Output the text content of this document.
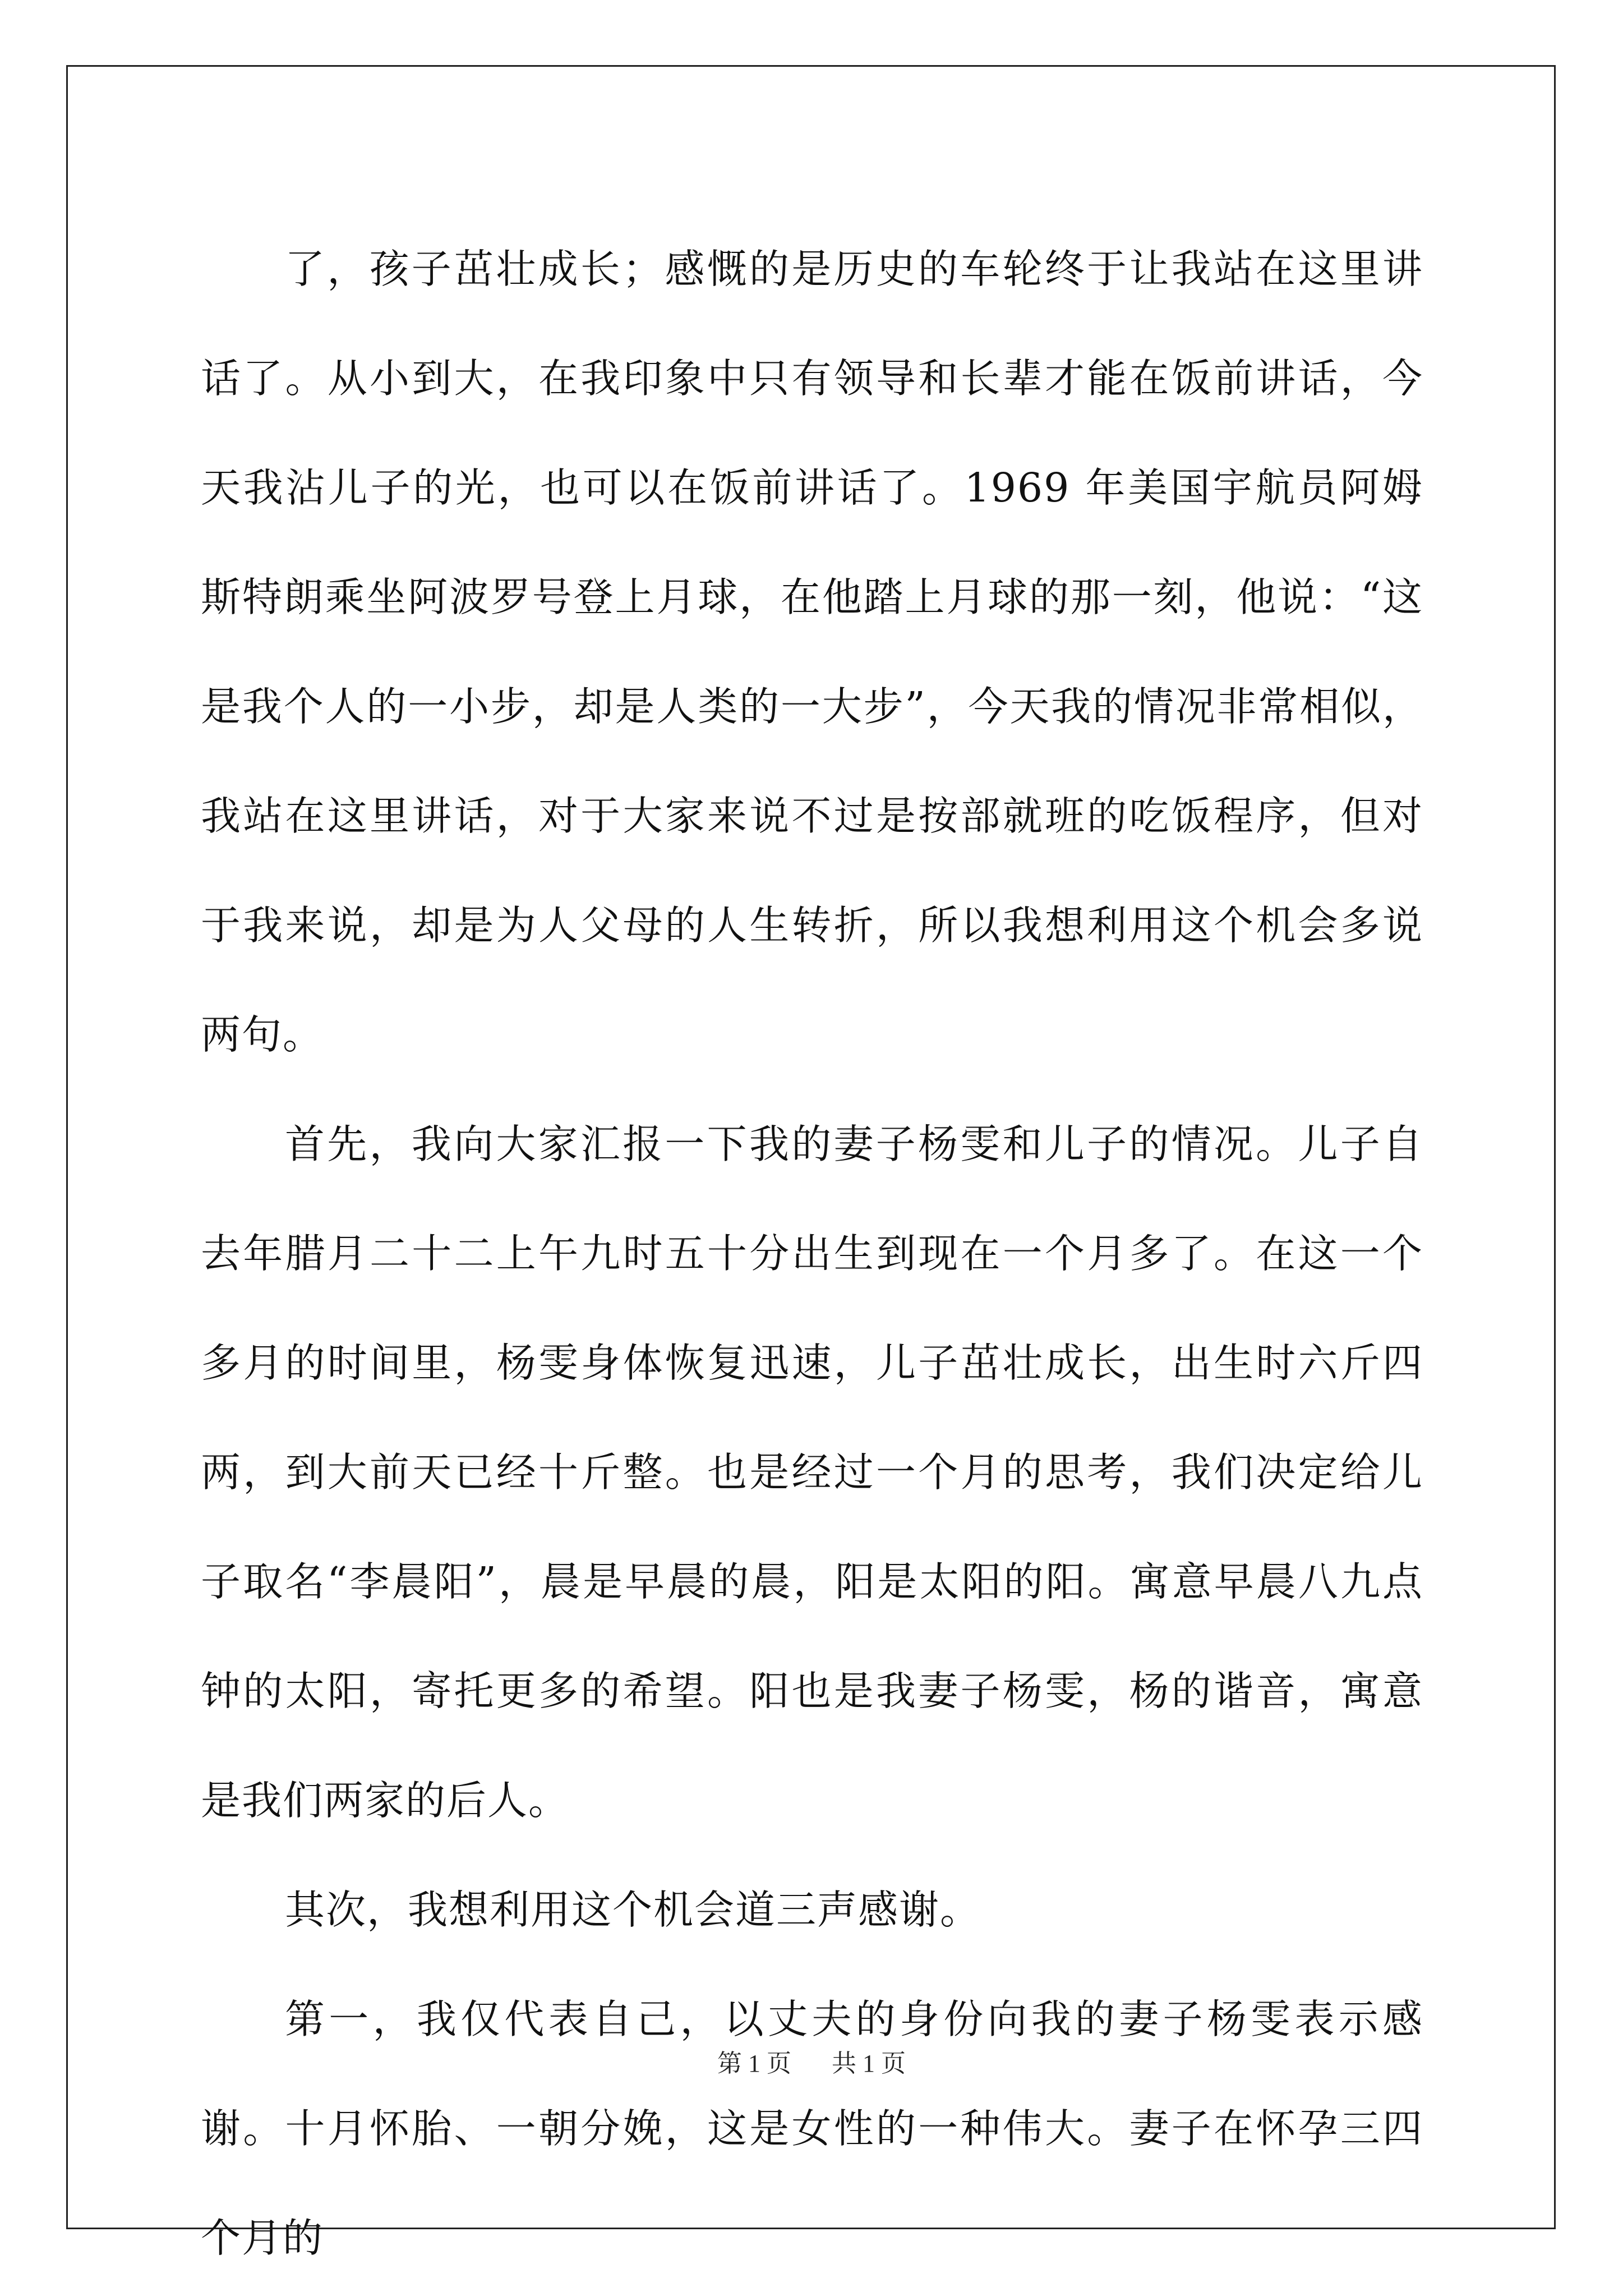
了，孩子茁壮成长；感慨的是历史的车轮终于让我站在这里讲话了。从小到大，在我印象中只有领导和长辈才能在饭前讲话，今天我沾儿子的光，也可以在饭前讲话了。1969 年美国宇航员阿姆斯特朗乘坐阿波罗号登上月球，在他踏上月球的那一刻，他说：“这是我个人的一小步，却是人类的一大步”，今天我的情况非常相似，我站在这里讲话，对于大家来说不过是按部就班的吃饭程序，但对于我来说，却是为人父母的人生转折，所以我想利用这个机会多说两句。

首先，我向大家汇报一下我的妻子杨雯和儿子的情况。儿子自去年腊月二十二上午九时五十分出生到现在一个月多了。在这一个多月的时间里，杨雯身体恢复迅速，儿子茁壮成长，出生时六斤四两，到大前天已经十斤整。也是经过一个月的思考，我们决定给儿子取名“李晨阳”，晨是早晨的晨，阳是太阳的阳。寓意早晨八九点钟的太阳，寄托更多的希望。阳也是我妻子杨雯，杨的谐音，寓意是我们两家的后人。

其次，我想利用这个机会道三声感谢。

第一，我仅代表自己，以丈夫的身份向我的妻子杨雯表示感谢。十月怀胎、一朝分娩，这是女性的一种伟大。妻子在怀孕三四个月的

第 1 页 共 1 页
